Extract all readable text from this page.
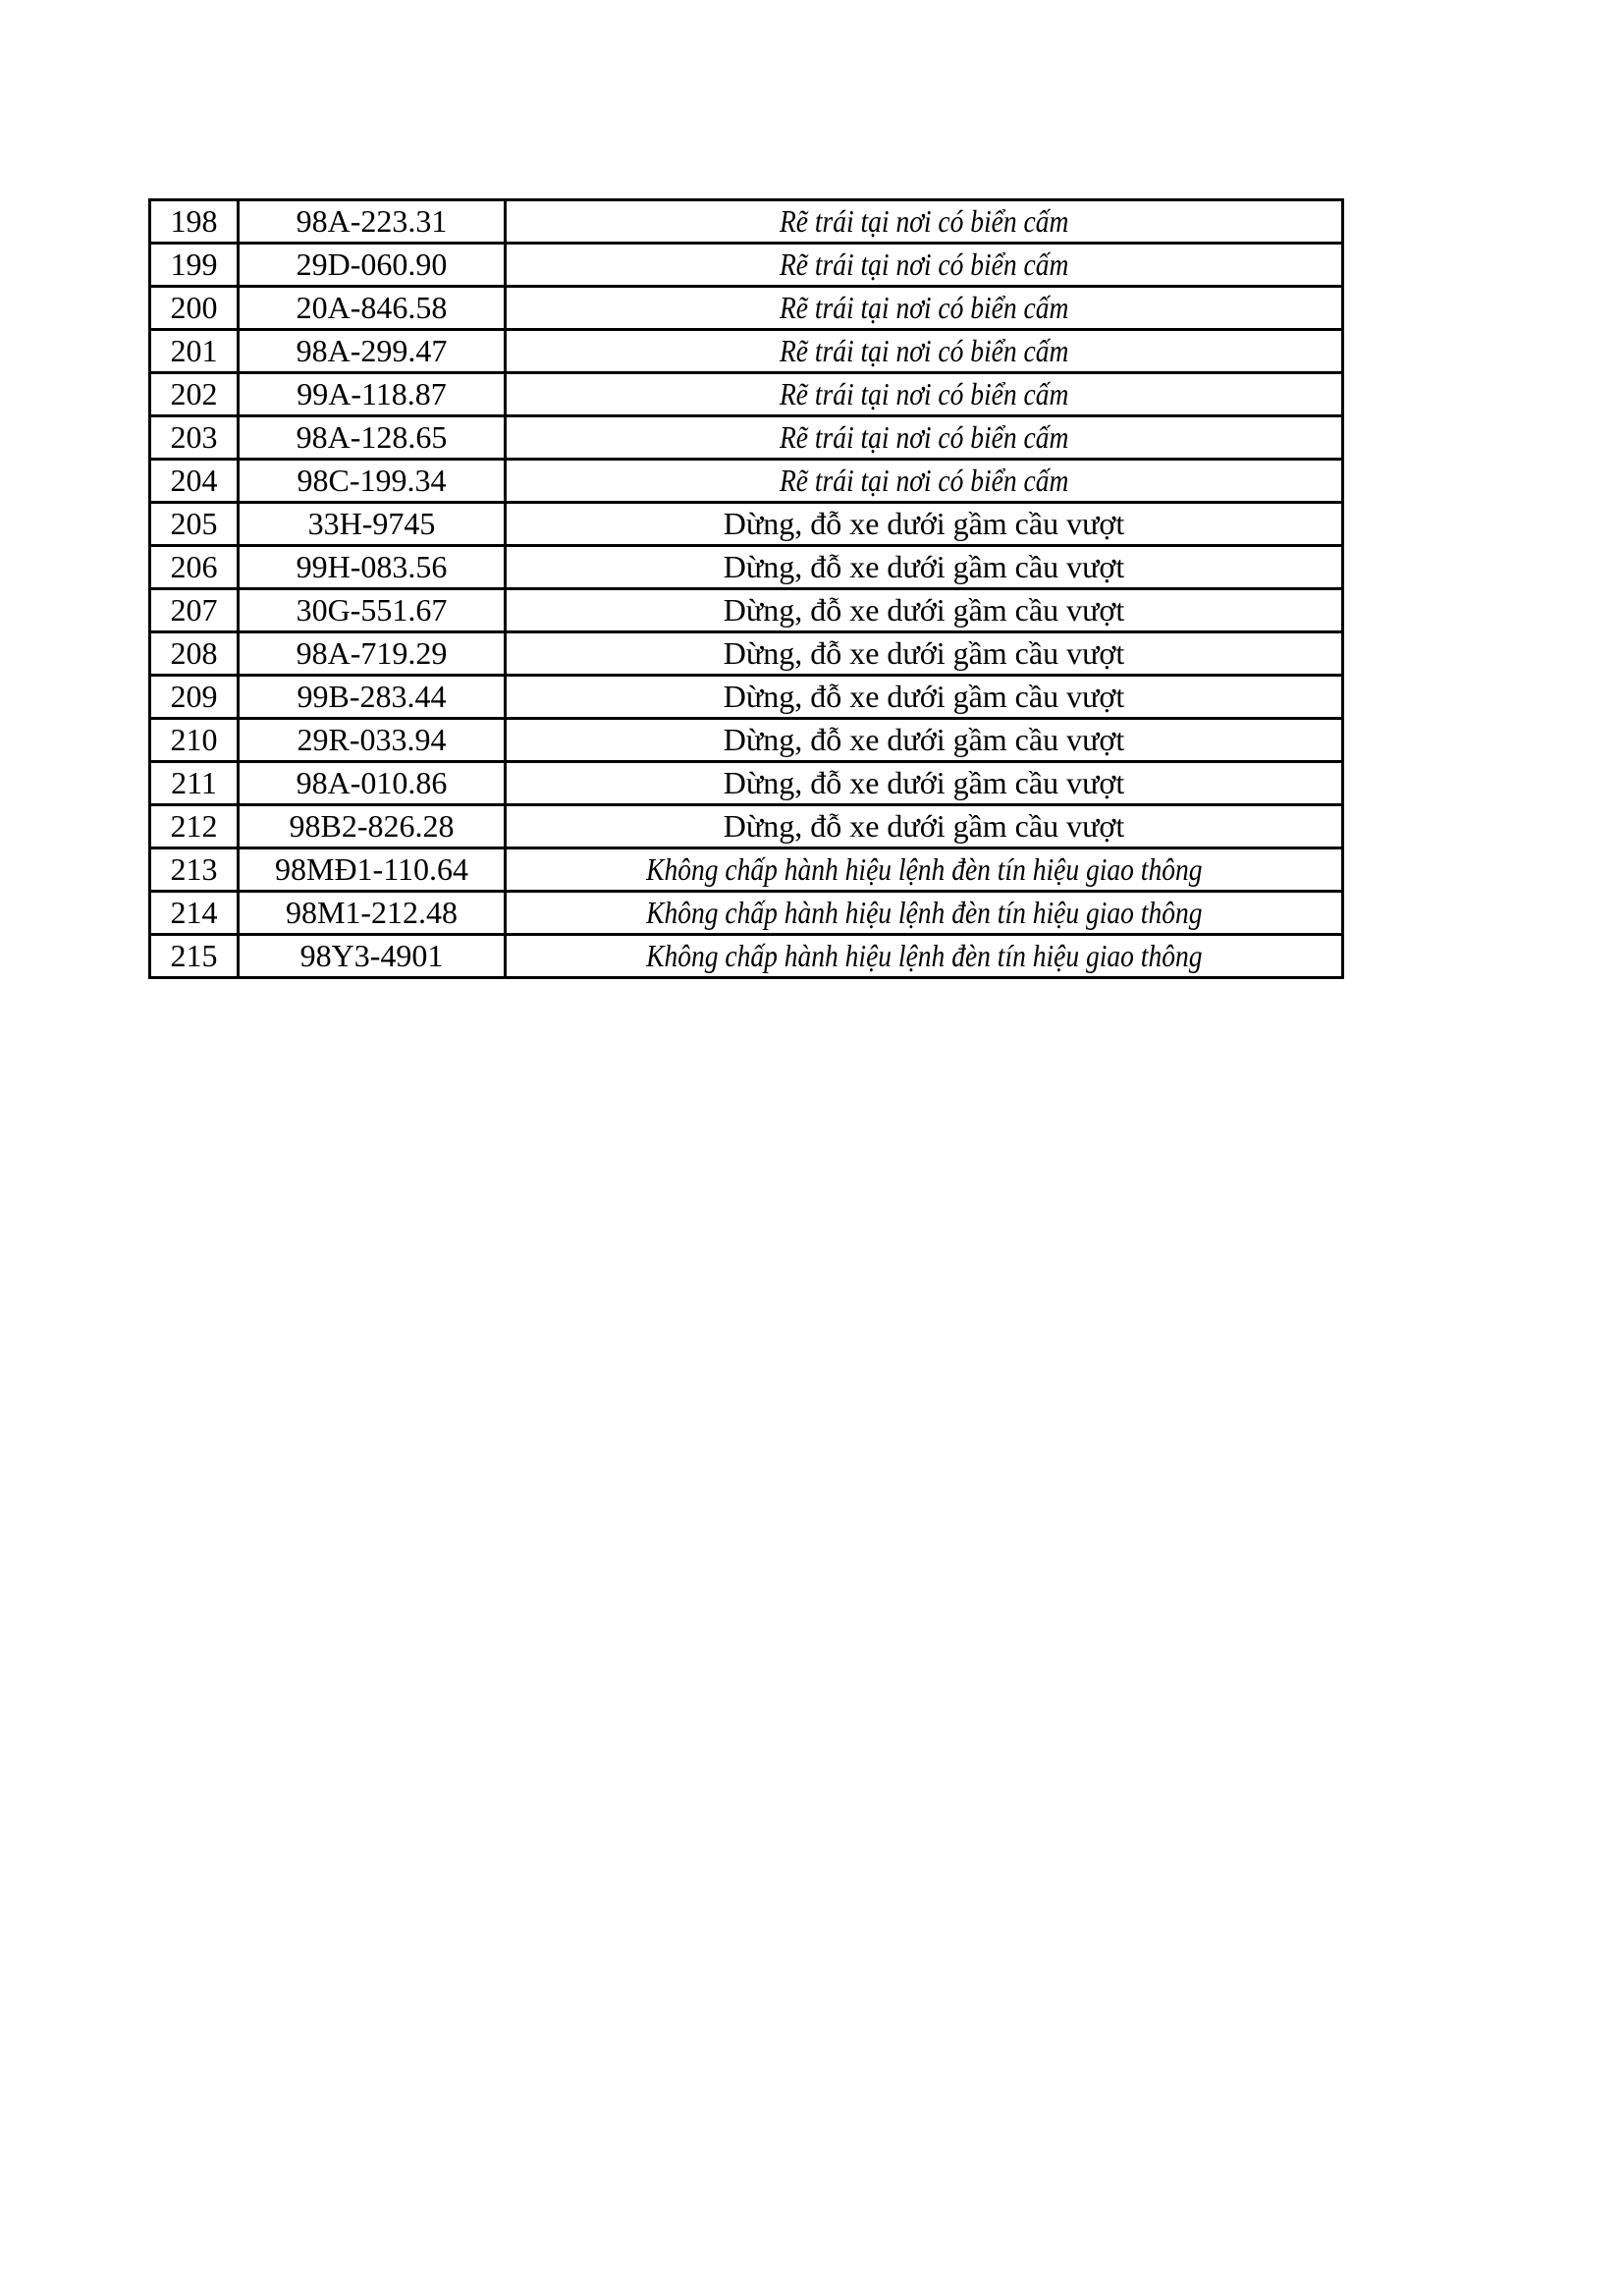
198	98A-223.31	Rẽ trái tại nơi có biển cấm
199	29D-060.90	Rẽ trái tại nơi có biển cấm
200	20A-846.58	Rẽ trái tại nơi có biển cấm
201	98A-299.47	Rẽ trái tại nơi có biển cấm
202	99A-118.87	Rẽ trái tại nơi có biển cấm
203	98A-128.65	Rẽ trái tại nơi có biển cấm
204	98C-199.34	Rẽ trái tại nơi có biển cấm
205	33H-9745	Dừng, đỗ xe dưới gầm cầu vượt
206	99H-083.56	Dừng, đỗ xe dưới gầm cầu vượt
207	30G-551.67	Dừng, đỗ xe dưới gầm cầu vượt
208	98A-719.29	Dừng, đỗ xe dưới gầm cầu vượt
209	99B-283.44	Dừng, đỗ xe dưới gầm cầu vượt
210	29R-033.94	Dừng, đỗ xe dưới gầm cầu vượt
211	98A-010.86	Dừng, đỗ xe dưới gầm cầu vượt
212	98B2-826.28	Dừng, đỗ xe dưới gầm cầu vượt
213	98MĐ1-110.64	Không chấp hành hiệu lệnh đèn tín hiệu giao thông
214	98M1-212.48	Không chấp hành hiệu lệnh đèn tín hiệu giao thông
215	98Y3-4901	Không chấp hành hiệu lệnh đèn tín hiệu giao thông
